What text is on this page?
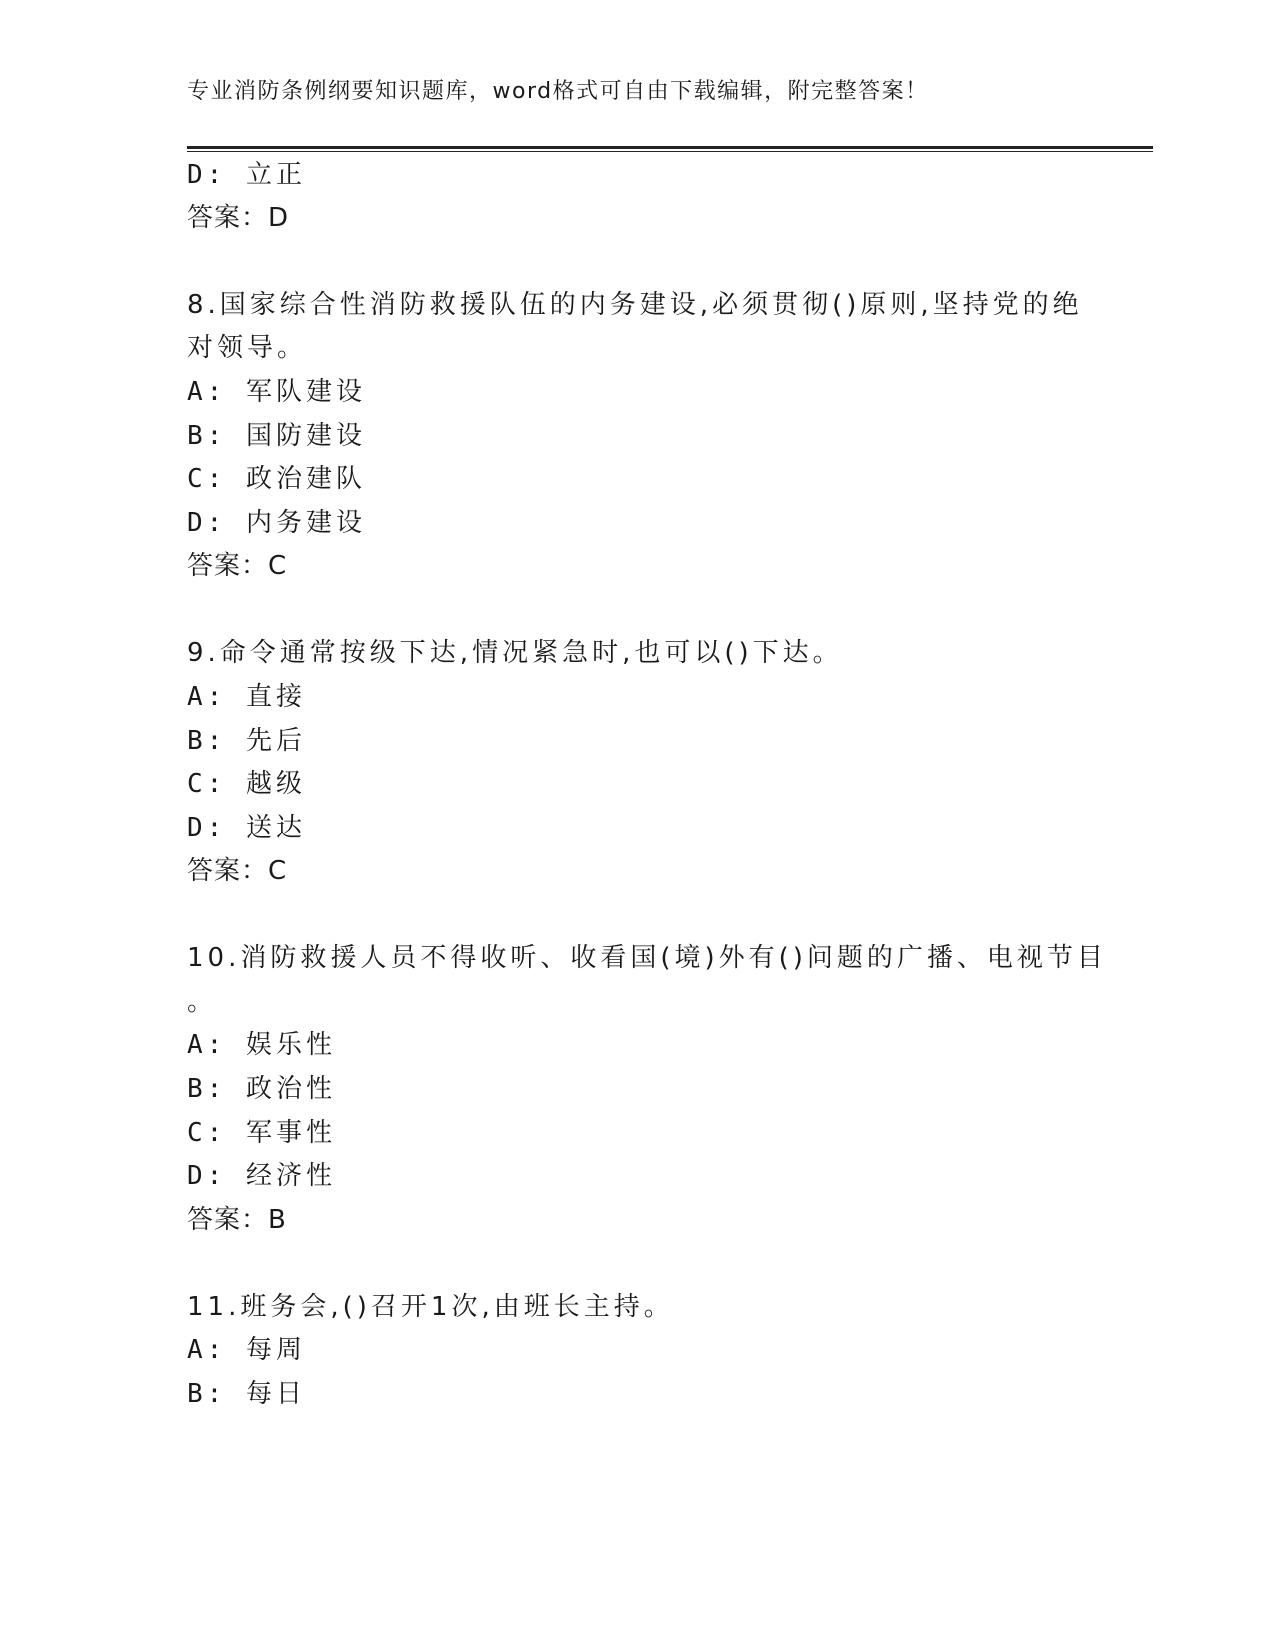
专业消防条例纲要知识题库，word格式可自由下载编辑，附完整答案！
D: 立正
答案：D
8.国家综合性消防救援队伍的内务建设,必须贯彻()原则,坚持党的绝
对领导。
A: 军队建设
B: 国防建设
C: 政治建队
D: 内务建设
答案：C
9.命令通常按级下达,情况紧急时,也可以()下达。
A: 直接
B: 先后
C: 越级
D: 送达
答案：C
10.消防救援人员不得收听、收看国(境)外有()问题的广播、电视节目
。
A: 娱乐性
B: 政治性
C: 军事性
D: 经济性
答案：B
11.班务会,()召开1次,由班长主持。
A: 每周
B: 每日
